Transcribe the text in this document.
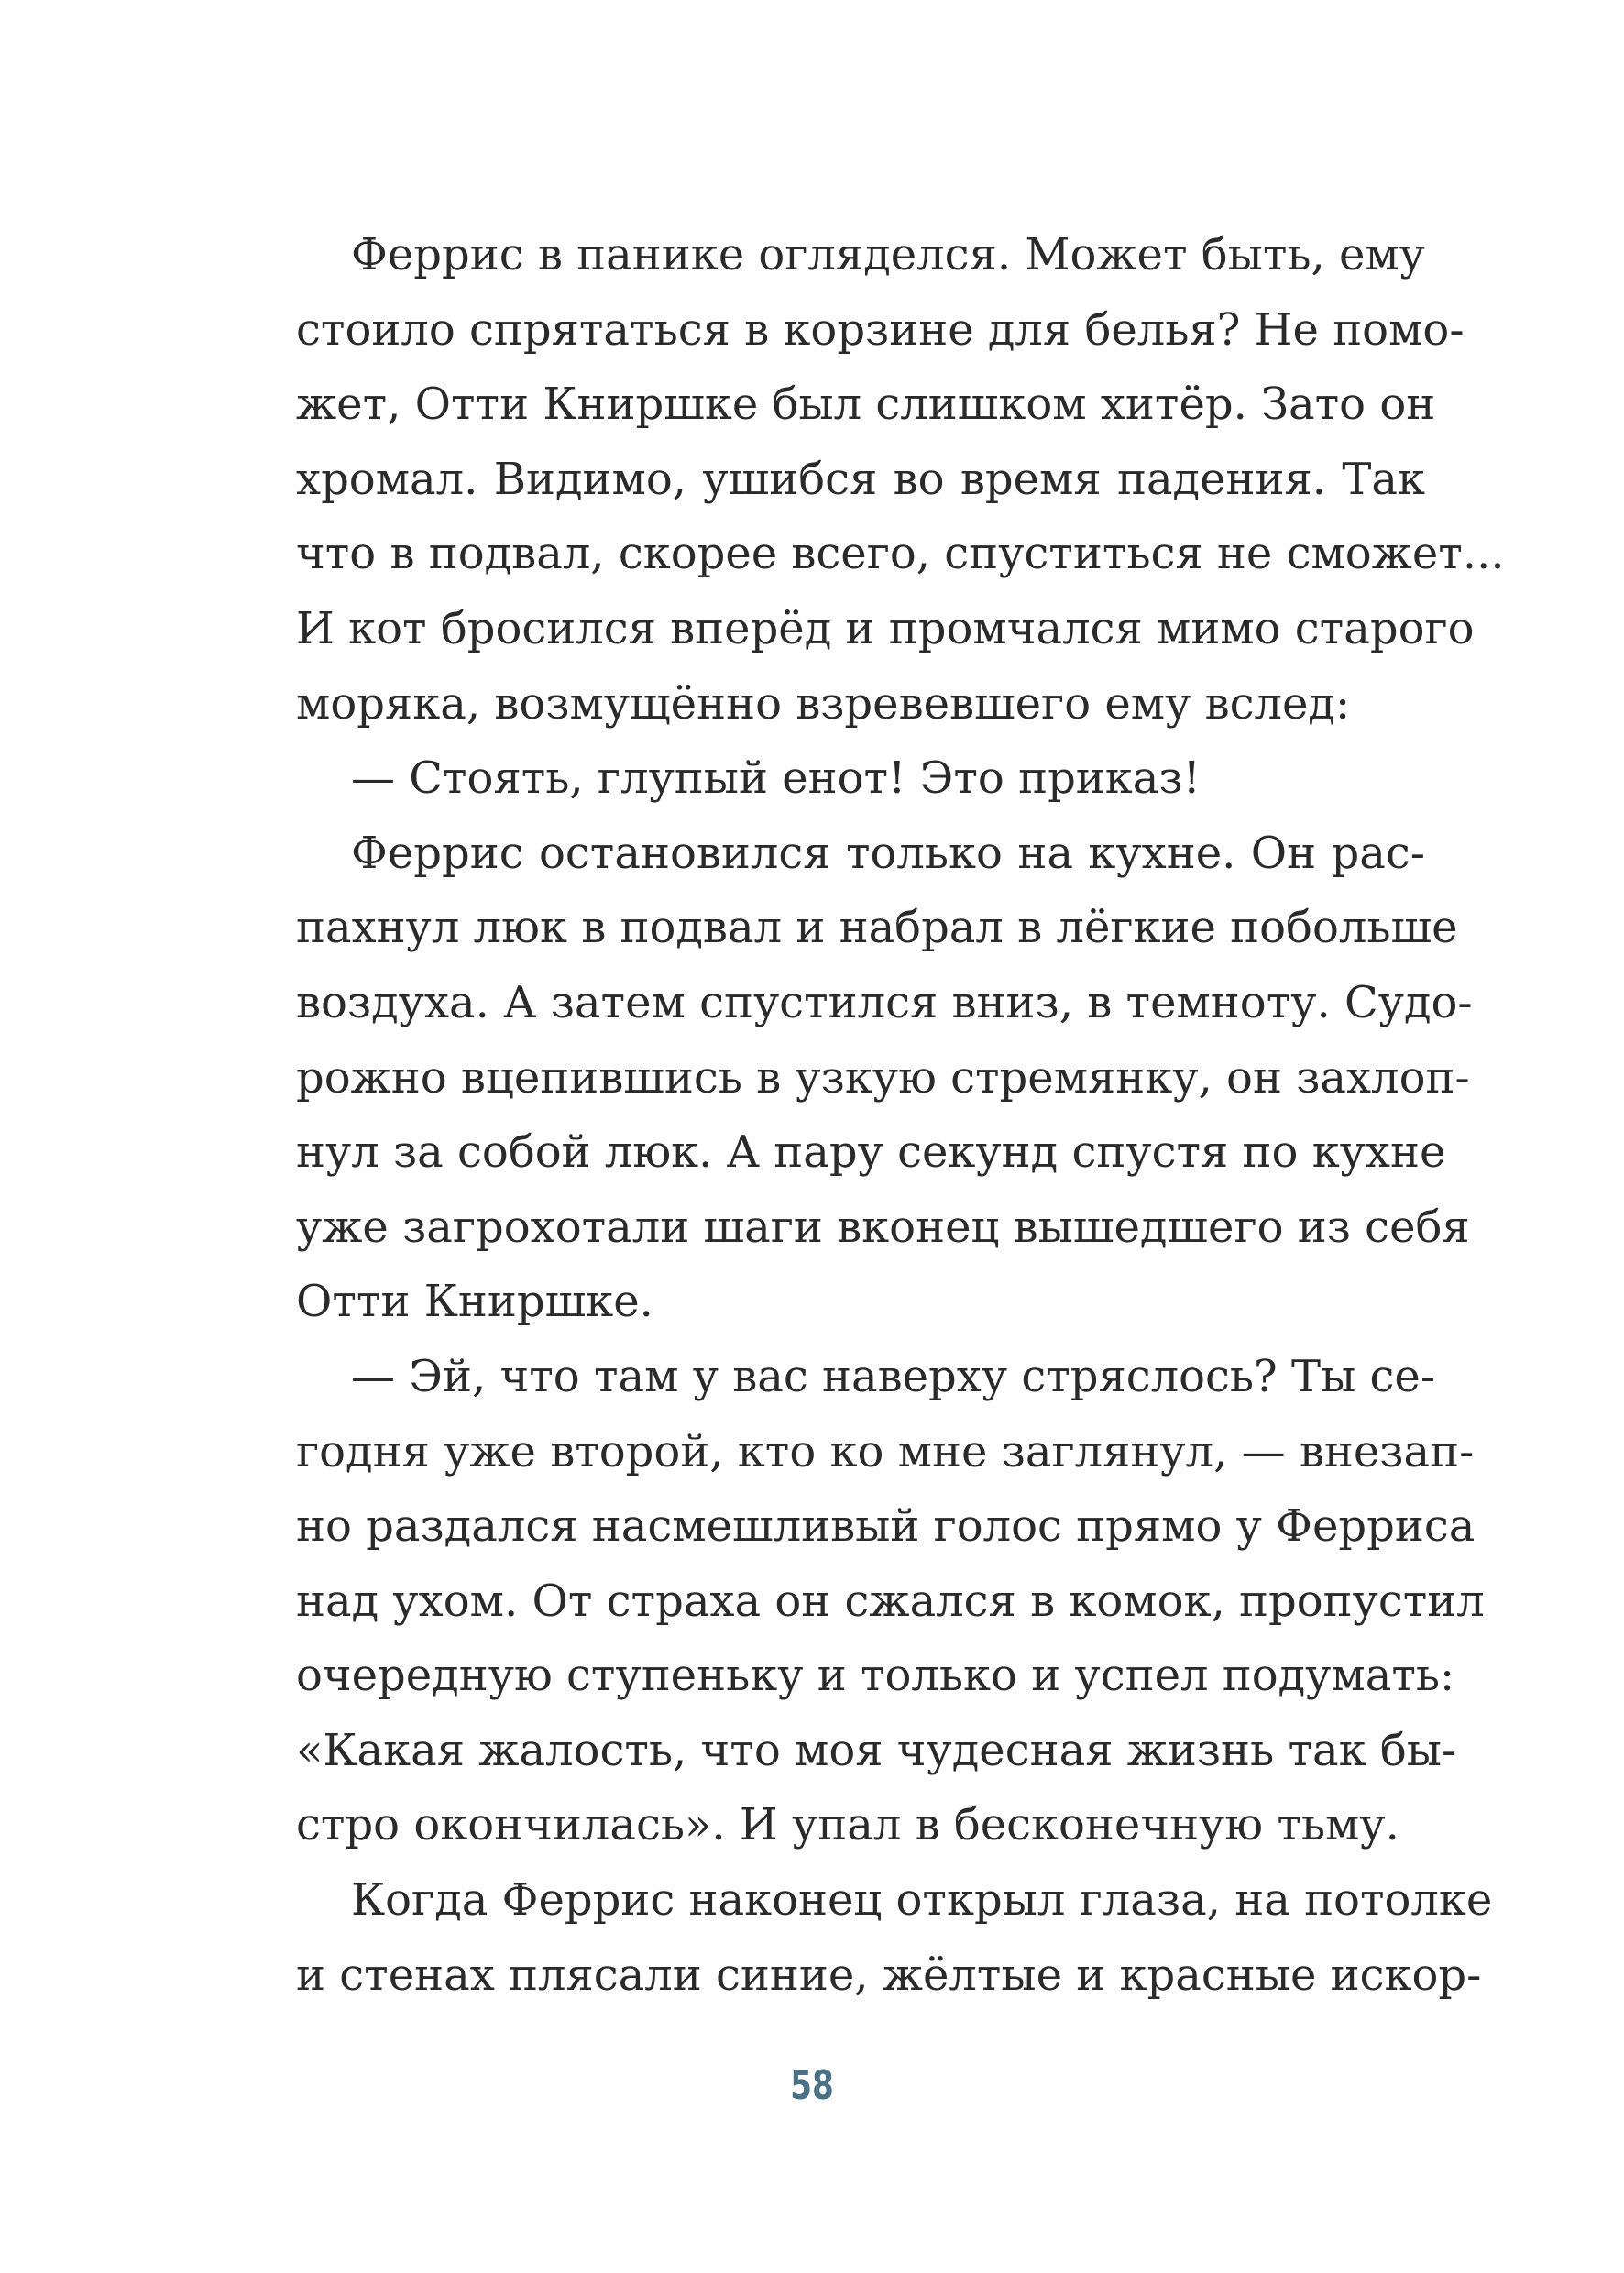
Феррис в панике огляделся. Может быть, ему
стоило спрятаться в корзине для белья? Не помо-
жет, Отти Книршке был слишком хитёр. Зато он
хромал. Видимо, ушибся во время падения. Так
что в подвал, скорее всего, спуститься не сможет...
И кот бросился вперёд и промчался мимо старого
моряка, возмущённо взревевшего ему вслед:
— Стоять, глупый енот! Это приказ!
Феррис остановился только на кухне. Он рас-
пахнул люк в подвал и набрал в лёгкие побольше
воздуха. А затем спустился вниз, в темноту. Судо-
рожно вцепившись в узкую стремянку, он захлоп-
нул за собой люк. А пару секунд спустя по кухне
уже загрохотали шаги вконец вышедшего из себя
Отти Книршке.
— Эй, что там у вас наверху стряслось? Ты се-
годня уже второй, кто ко мне заглянул, — внезап-
но раздался насмешливый голос прямо у Ферриса
над ухом. От страха он сжался в комок, пропустил
очередную ступеньку и только и успел подумать:
«Какая жалость, что моя чудесная жизнь так бы-
стро окончилась». И упал в бесконечную тьму.
Когда Феррис наконец открыл глаза, на потолке
и стенах плясали синие, жёлтые и красные искор-
58
